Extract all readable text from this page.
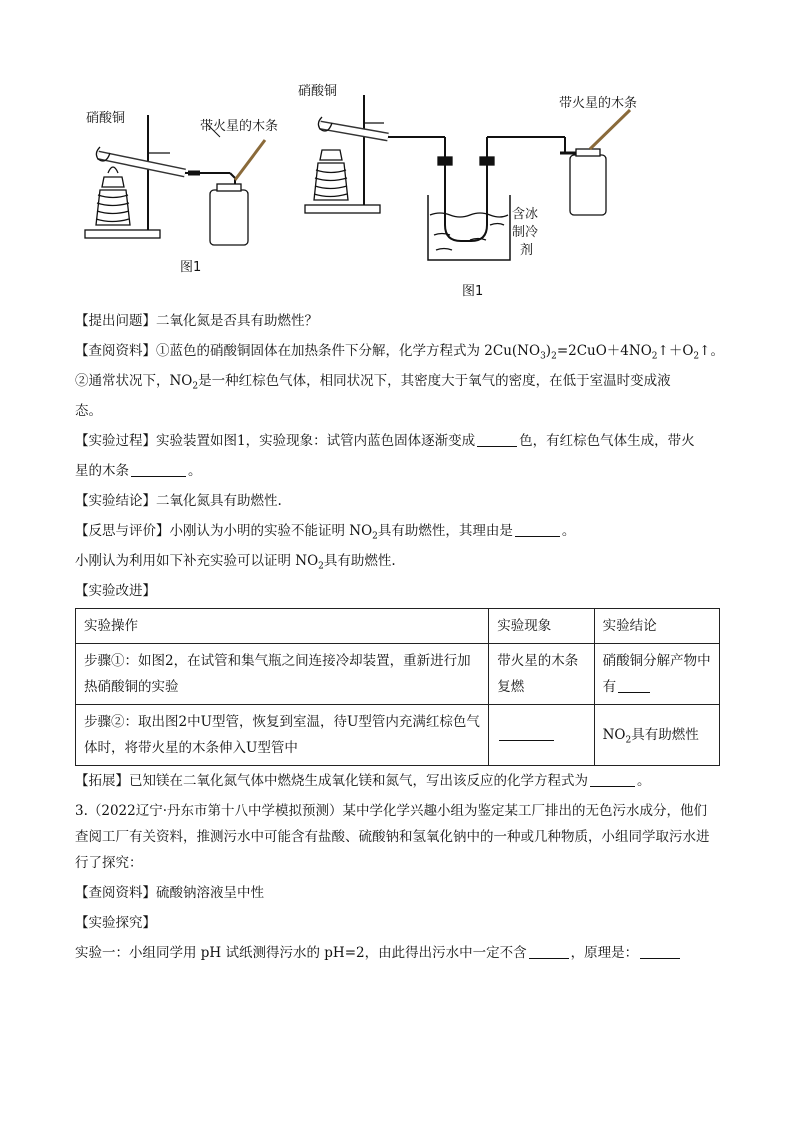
硝酸铜
带火星的木条
图1
硝酸铜
带火星的木条
含冰
制冷
剂
图1

【提出问题】二氧化氮是否具有助燃性？

【查阅资料】①蓝色的硝酸铜固体在加热条件下分解，化学方程式为 $2Cu(NO_3)_2=2CuO+4NO_2↑+O_2↑$。

②通常状况下，$NO_2$是一种红棕色气体，相同状况下，其密度大于氧气的密度，在低于室温时变成液

态。

【实验过程】实验装置如图1，实验现象：试管内蓝色固体逐渐变成	色，有红棕色气体生成，带火

星的木条	。

【实验结论】二氧化氮具有助燃性.

【反思与评价】小刚认为小明的实验不能证明 $NO_2$具有助燃性，其理由是	。

小刚认为利用如下补充实验可以证明 $NO_2$具有助燃性.

【实验改进】

实验操作	实验现象	实验结论
步骤①：如图2，在试管和集气瓶之间连接冷却装置，重新进行加热硝酸铜的实验	带火星的木条复燃	硝酸铜分解产物中有
步骤②：取出图2中U型管，恢复到室温，待U型管内充满红棕色气体时，将带火星的木条伸入U型管中		$NO_2$具有助燃性

【拓展】已知镁在二氧化氮气体中燃烧生成氧化镁和氮气，写出该反应的化学方程式为	。

3.（2022辽宁·丹东市第十八中学模拟预测）某中学化学兴趣小组为鉴定某工厂排出的无色污水成分，他们查阅工厂有关资料，推测污水中可能含有盐酸、硫酸钠和氢氧化钠中的一种或几种物质，小组同学取污水进行了探究：

【查阅资料】硫酸钠溶液呈中性

【实验探究】

实验一：小组同学用 pH 试纸测得污水的 pH=2，由此得出污水中一定不含	，原理是：
